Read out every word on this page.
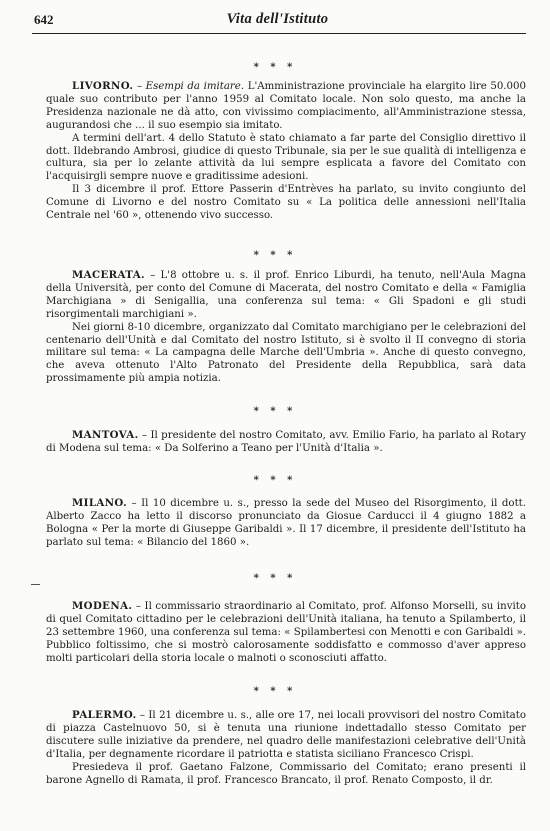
642	Vita dell'Istituto
* * *

LIVORNO. – Esempi da imitare. L'Amministrazione provinciale ha elargito lire 50.000 quale suo contributo per l'anno 1959 al Comitato locale. Non solo questo, ma anche la Presidenza nazionale ne dà atto, con vivissimo compiacimento, all'Amministrazione stessa, augurandosi che ... il suo esempio sia imitato.

A termini dell'art. 4 dello Statuto è stato chiamato a far parte del Consiglio direttivo il dott. Ildebrando Ambrosi, giudice di questo Tribunale, sia per le sue qualità di intelligenza e cultura, sia per lo zelante attività da lui sempre esplicata a favore del Comitato con l'acquisirgli sempre nuove e graditissime adesioni.

Il 3 dicembre il prof. Ettore Passerin d'Entrèves ha parlato, su invito congiunto del Comune di Livorno e del nostro Comitato su « La politica delle annessioni nell'Italia Centrale nel '60 », ottenendo vivo successo.

* * *

MACERATA. – L'8 ottobre u. s. il prof. Enrico Liburdi, ha tenuto, nell'Aula Magna della Università, per conto del Comune di Macerata, del nostro Comitato e della « Famiglia Marchigiana » di Senigallia, una conferenza sul tema: « Gli Spadoni e gli studi risorgimentali marchigiani ».

Nei giorni 8-10 dicembre, organizzato dal Comitato marchigiano per le celebrazioni del centenario dell'Unità e dal Comitato del nostro Istituto, si è svolto il II convegno di storia militare sul tema: « La campagna delle Marche dell'Umbria ». Anche di questo convegno, che aveva ottenuto l'Alto Patronato del Presidente della Repubblica, sarà data prossimamente più ampia notizia.

* * *

MANTOVA. – Il presidente del nostro Comitato, avv. Emilio Fario, ha parlato al Rotary di Modena sul tema: « Da Solferino a Teano per l'Unità d'Italia ».

* * *

MILANO. – Il 10 dicembre u. s., presso la sede del Museo del Risorgimento, il dott. Alberto Zacco ha letto il discorso pronunciato da Giosue Carducci il 4 giugno 1882 a Bologna « Per la morte di Giuseppe Garibaldi ». Il 17 dicembre, il presidente dell'Istituto ha parlato sul tema: « Bilancio del 1860 ».

* * *

MODENA. – Il commissario straordinario al Comitato, prof. Alfonso Morselli, su invito di quel Comitato cittadino per le celebrazioni dell'Unità italiana, ha tenuto a Spilamberto, il 23 settembre 1960, una conferenza sul tema: « Spilambertesi con Menotti e con Garibaldi ». Pubblico foltissimo, che si mostrò calorosamente soddisfatto e commosso d'aver appreso molti particolari della storia locale o malnoti o sconosciuti affatto.

* * *

PALERMO. – Il 21 dicembre u. s., alle ore 17, nei locali provvisori del nostro Comitato di piazza Castelnuovo 50, si è tenuta una riunione indettadallo stesso Comitato per discutere sulle iniziative da prendere, nel quadro delle manifestazioni celebrative dell'Unità d'Italia, per degnamente ricordare il patriotta e statista siciliano Francesco Crispi.

Presiedeva il prof. Gaetano Falzone, Commissario del Comitato; erano presenti il barone Agnello di Ramata, il prof. Francesco Brancato, il prof. Renato Composto, il dr.
